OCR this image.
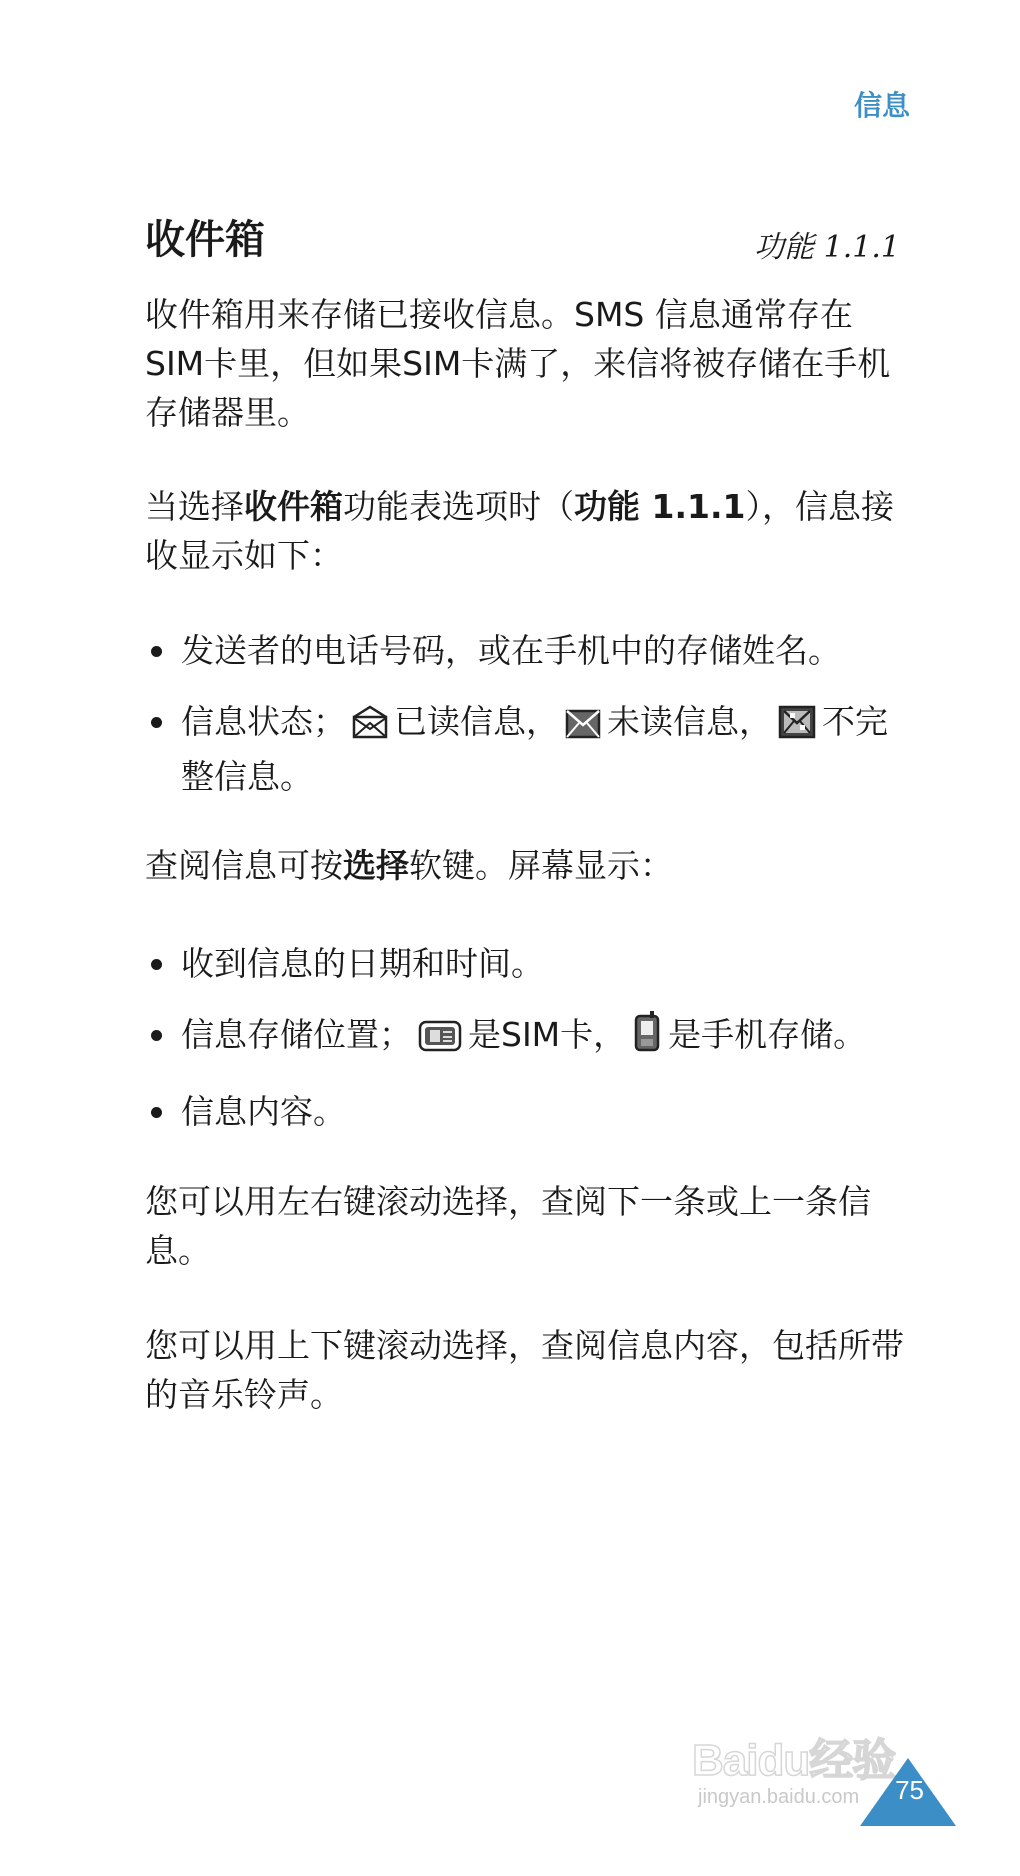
信息
收件箱	功能 1.1.1

收件箱用来存储已接收信息。SMS 信息通常存在SIM卡里，但如果SIM卡满了，来信将被存储在手机存储器里。

当选择收件箱功能表选项时（功能 1.1.1），信息接收显示如下：

发送者的电话号码，或在手机中的存储姓名。
信息状态； 已读信息， 未读信息， 不完整信息。

查阅信息可按选择软键。屏幕显示：

收到信息的日期和时间。
信息存储位置； 是SIM卡， 是手机存储。
信息内容。

您可以用左右键滚动选择，查阅下一条或上一条信息。

您可以用上下键滚动选择，查阅信息内容，包括所带的音乐铃声。

Baidu经验
jingyan.baidu.com 75
